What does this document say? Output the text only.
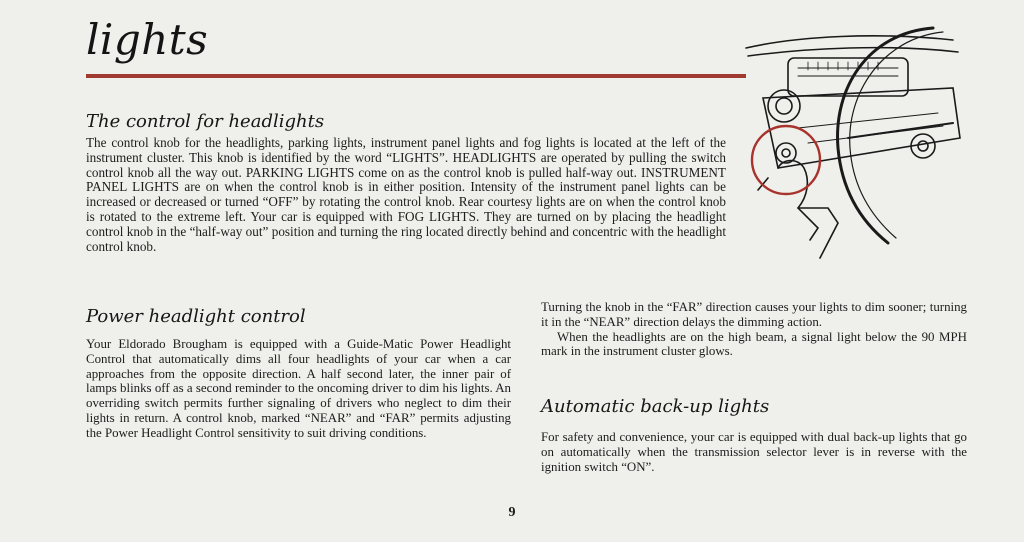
lights
The control for headlights

The control knob for the headlights, parking lights, instrument panel lights and fog lights is located at the left of the instrument cluster. This knob is identified by the word “LIGHTS”. HEADLIGHTS are operated by pulling the switch control knob all the way out. PARKING LIGHTS come on as the control knob is pulled half-way out. INSTRUMENT PANEL LIGHTS are on when the control knob is in either position. Intensity of the instrument panel lights can be increased or decreased or turned “OFF” by rotating the control knob. Rear courtesy lights are on when the control knob is rotated to the extreme left. Your car is equipped with FOG LIGHTS. They are turned on by placing the headlight control knob in the “half-way out” position and turning the ring located directly behind and concentric with the headlight control knob.

Power headlight control

Your Eldorado Brougham is equipped with a Guide-Matic Power Headlight Control that automatically dims all four headlights of your car when a car approaches from the opposite direction. A half second later, the inner pair of lamps blinks off as a second reminder to the oncoming driver to dim his lights. An overriding switch permits further signaling of drivers who neglect to dim their lights in return. A control knob, marked “NEAR” and “FAR” permits adjusting the Power Headlight Control sensitivity to suit driving conditions.

Turning the knob in the “FAR” direction causes your lights to dim sooner; turning it in the “NEAR” direction delays the dimming action.
When the headlights are on the high beam, a signal light below the 90 MPH mark in the instrument cluster glows.
Automatic back-up lights

For safety and convenience, your car is equipped with dual back-up lights that go on automatically when the transmission selector lever is in reverse with the ignition switch “ON”.

9
